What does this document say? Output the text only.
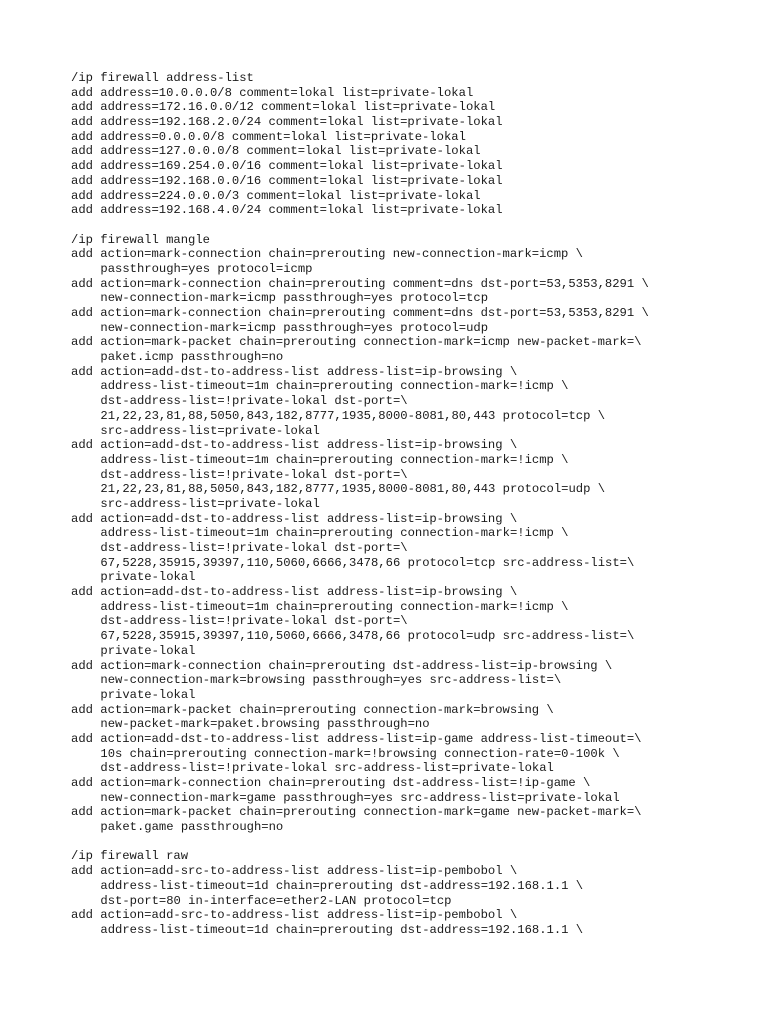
/ip firewall address-list
add address=10.0.0.0/8 comment=lokal list=private-lokal
add address=172.16.0.0/12 comment=lokal list=private-lokal
add address=192.168.2.0/24 comment=lokal list=private-lokal
add address=0.0.0.0/8 comment=lokal list=private-lokal
add address=127.0.0.0/8 comment=lokal list=private-lokal
add address=169.254.0.0/16 comment=lokal list=private-lokal
add address=192.168.0.0/16 comment=lokal list=private-lokal
add address=224.0.0.0/3 comment=lokal list=private-lokal
add address=192.168.4.0/24 comment=lokal list=private-lokal
/ip firewall mangle
add action=mark-connection chain=prerouting new-connection-mark=icmp \
passthrough=yes protocol=icmp
add action=mark-connection chain=prerouting comment=dns dst-port=53,5353,8291 \
new-connection-mark=icmp passthrough=yes protocol=tcp
add action=mark-connection chain=prerouting comment=dns dst-port=53,5353,8291 \
new-connection-mark=icmp passthrough=yes protocol=udp
add action=mark-packet chain=prerouting connection-mark=icmp new-packet-mark=\
paket.icmp passthrough=no
add action=add-dst-to-address-list address-list=ip-browsing \
address-list-timeout=1m chain=prerouting connection-mark=!icmp \
dst-address-list=!private-lokal dst-port=\
21,22,23,81,88,5050,843,182,8777,1935,8000-8081,80,443 protocol=tcp \
src-address-list=private-lokal
add action=add-dst-to-address-list address-list=ip-browsing \
address-list-timeout=1m chain=prerouting connection-mark=!icmp \
dst-address-list=!private-lokal dst-port=\
21,22,23,81,88,5050,843,182,8777,1935,8000-8081,80,443 protocol=udp \
src-address-list=private-lokal
add action=add-dst-to-address-list address-list=ip-browsing \
address-list-timeout=1m chain=prerouting connection-mark=!icmp \
dst-address-list=!private-lokal dst-port=\
67,5228,35915,39397,110,5060,6666,3478,66 protocol=tcp src-address-list=\
private-lokal
add action=add-dst-to-address-list address-list=ip-browsing \
address-list-timeout=1m chain=prerouting connection-mark=!icmp \
dst-address-list=!private-lokal dst-port=\
67,5228,35915,39397,110,5060,6666,3478,66 protocol=udp src-address-list=\
private-lokal
add action=mark-connection chain=prerouting dst-address-list=ip-browsing \
new-connection-mark=browsing passthrough=yes src-address-list=\
private-lokal
add action=mark-packet chain=prerouting connection-mark=browsing \
new-packet-mark=paket.browsing passthrough=no
add action=add-dst-to-address-list address-list=ip-game address-list-timeout=\
10s chain=prerouting connection-mark=!browsing connection-rate=0-100k \
dst-address-list=!private-lokal src-address-list=private-lokal
add action=mark-connection chain=prerouting dst-address-list=!ip-game \
new-connection-mark=game passthrough=yes src-address-list=private-lokal
add action=mark-packet chain=prerouting connection-mark=game new-packet-mark=\
paket.game passthrough=no
/ip firewall raw
add action=add-src-to-address-list address-list=ip-pembobol \
address-list-timeout=1d chain=prerouting dst-address=192.168.1.1 \
dst-port=80 in-interface=ether2-LAN protocol=tcp
add action=add-src-to-address-list address-list=ip-pembobol \
address-list-timeout=1d chain=prerouting dst-address=192.168.1.1 \
